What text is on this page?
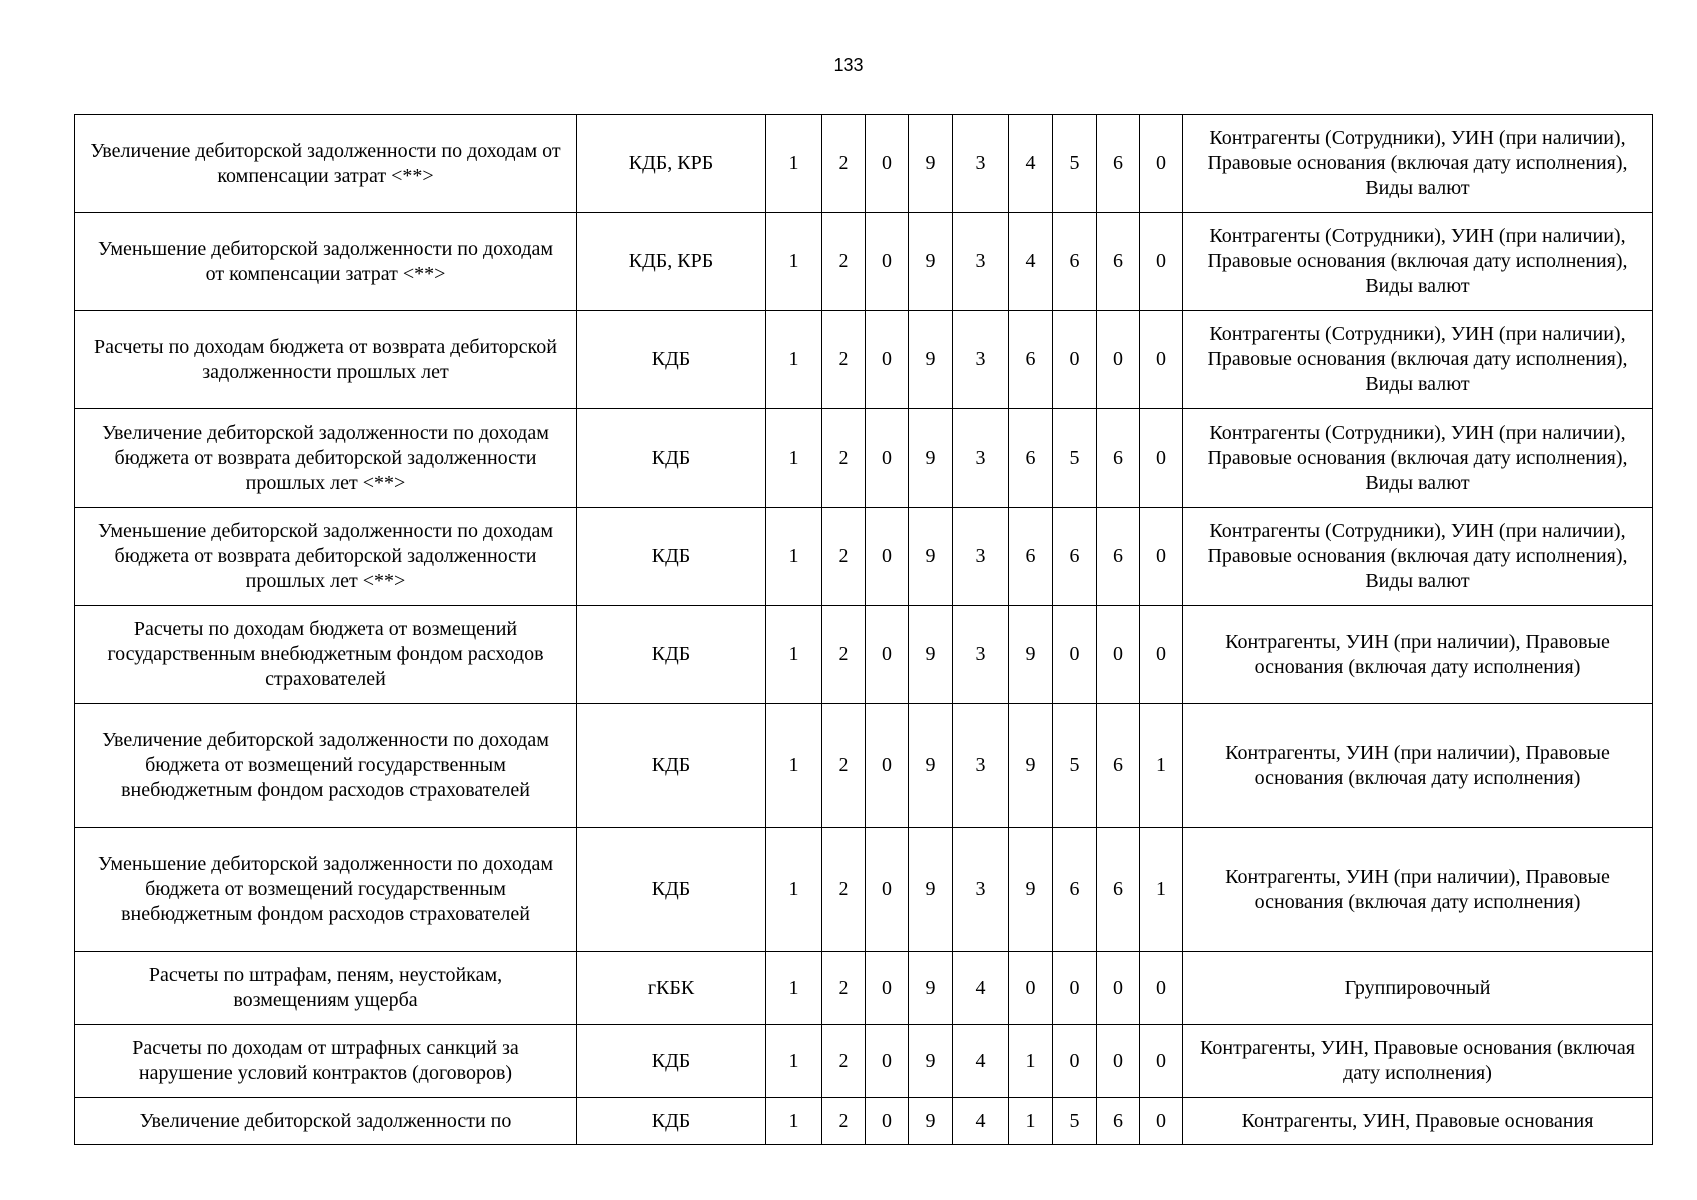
133
Увеличение дебиторской задолженности по доходам от компенсации затрат <**>	КДБ, КРБ	1	2	0	9	3	4	5	6	0	Контрагенты (Сотрудники), УИН (при наличии), Правовые основания (включая дату исполнения), Виды валют
Уменьшение дебиторской задолженности по доходам от компенсации затрат <**>	КДБ, КРБ	1	2	0	9	3	4	6	6	0	Контрагенты (Сотрудники), УИН (при наличии), Правовые основания (включая дату исполнения), Виды валют
Расчеты по доходам бюджета от возврата дебиторской задолженности прошлых лет	КДБ	1	2	0	9	3	6	0	0	0	Контрагенты (Сотрудники), УИН (при наличии), Правовые основания (включая дату исполнения), Виды валют
Увеличение дебиторской задолженности по доходам бюджета от возврата дебиторской задолженности прошлых лет <**>	КДБ	1	2	0	9	3	6	5	6	0	Контрагенты (Сотрудники), УИН (при наличии), Правовые основания (включая дату исполнения), Виды валют
Уменьшение дебиторской задолженности по доходам бюджета от возврата дебиторской задолженности прошлых лет <**>	КДБ	1	2	0	9	3	6	6	6	0	Контрагенты (Сотрудники), УИН (при наличии), Правовые основания (включая дату исполнения), Виды валют
Расчеты по доходам бюджета от возмещений государственным внебюджетным фондом расходов страхователей	КДБ	1	2	0	9	3	9	0	0	0	Контрагенты, УИН (при наличии), Правовые основания (включая дату исполнения)
Увеличение дебиторской задолженности по доходам бюджета от возмещений государственным внебюджетным фондом расходов страхователей	КДБ	1	2	0	9	3	9	5	6	1	Контрагенты, УИН (при наличии), Правовые основания (включая дату исполнения)
Уменьшение дебиторской задолженности по доходам бюджета от возмещений государственным внебюджетным фондом расходов страхователей	КДБ	1	2	0	9	3	9	6	6	1	Контрагенты, УИН (при наличии), Правовые основания (включая дату исполнения)
Расчеты по штрафам, пеням, неустойкам, возмещениям ущерба	гКБК	1	2	0	9	4	0	0	0	0	Группировочный
Расчеты по доходам от штрафных санкций за нарушение условий контрактов (договоров)	КДБ	1	2	0	9	4	1	0	0	0	Контрагенты, УИН, Правовые основания (включая дату исполнения)
Увеличение дебиторской задолженности по	КДБ	1	2	0	9	4	1	5	6	0	Контрагенты, УИН, Правовые основания
